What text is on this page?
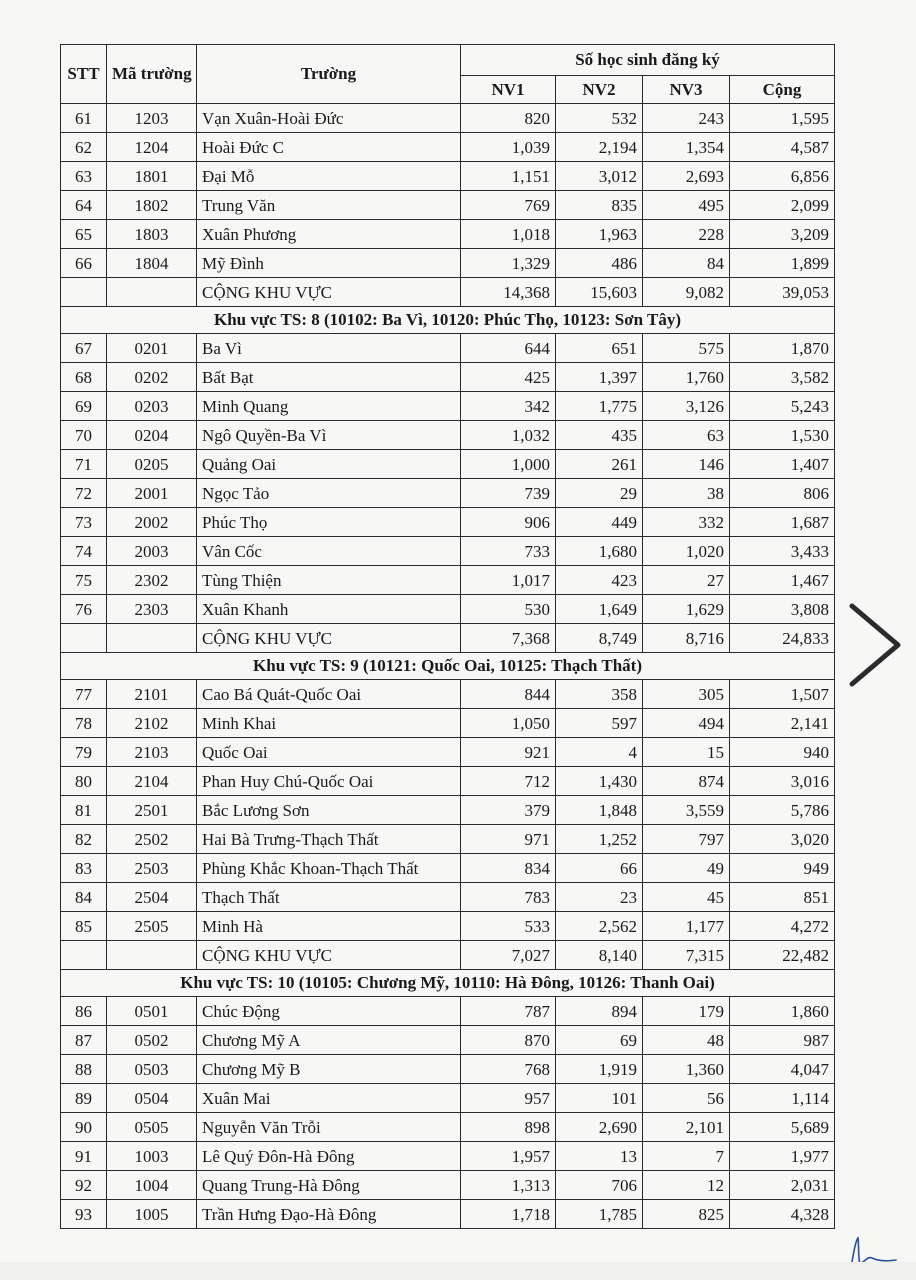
STT	Mã trường	Trường	Số học sinh đăng ký			
			NV1	NV2	NV3	Cộng
61	1203	Vạn Xuân-Hoài Đức	820	532	243	1,595
62	1204	Hoài Đức C	1,039	2,194	1,354	4,587
63	1801	Đại Mỗ	1,151	3,012	2,693	6,856
64	1802	Trung Văn	769	835	495	2,099
65	1803	Xuân Phương	1,018	1,963	228	3,209
66	1804	Mỹ Đình	1,329	486	84	1,899
		CỘNG KHU VỰC	14,368	15,603	9,082	39,053
Khu vực TS: 8 (10102: Ba Vì, 10120: Phúc Thọ, 10123: Sơn Tây)						
67	0201	Ba Vì	644	651	575	1,870
68	0202	Bất Bạt	425	1,397	1,760	3,582
69	0203	Minh Quang	342	1,775	3,126	5,243
70	0204	Ngô Quyền-Ba Vì	1,032	435	63	1,530
71	0205	Quảng Oai	1,000	261	146	1,407
72	2001	Ngọc Tảo	739	29	38	806
73	2002	Phúc Thọ	906	449	332	1,687
74	2003	Vân Cốc	733	1,680	1,020	3,433
75	2302	Tùng Thiện	1,017	423	27	1,467
76	2303	Xuân Khanh	530	1,649	1,629	3,808
		CỘNG KHU VỰC	7,368	8,749	8,716	24,833
Khu vực TS: 9 (10121: Quốc Oai, 10125: Thạch Thất)						
77	2101	Cao Bá Quát-Quốc Oai	844	358	305	1,507
78	2102	Minh Khai	1,050	597	494	2,141
79	2103	Quốc Oai	921	4	15	940
80	2104	Phan Huy Chú-Quốc Oai	712	1,430	874	3,016
81	2501	Bắc Lương Sơn	379	1,848	3,559	5,786
82	2502	Hai Bà Trưng-Thạch Thất	971	1,252	797	3,020
83	2503	Phùng Khắc Khoan-Thạch Thất	834	66	49	949
84	2504	Thạch Thất	783	23	45	851
85	2505	Minh Hà	533	2,562	1,177	4,272
		CỘNG KHU VỰC	7,027	8,140	7,315	22,482
Khu vực TS: 10 (10105: Chương Mỹ, 10110: Hà Đông, 10126: Thanh Oai)						
86	0501	Chúc Động	787	894	179	1,860
87	0502	Chương Mỹ A	870	69	48	987
88	0503	Chương Mỹ B	768	1,919	1,360	4,047
89	0504	Xuân Mai	957	101	56	1,114
90	0505	Nguyễn Văn Trỗi	898	2,690	2,101	5,689
91	1003	Lê Quý Đôn-Hà Đông	1,957	13	7	1,977
92	1004	Quang Trung-Hà Đông	1,313	706	12	2,031
93	1005	Trần Hưng Đạo-Hà Đông	1,718	1,785	825	4,328
